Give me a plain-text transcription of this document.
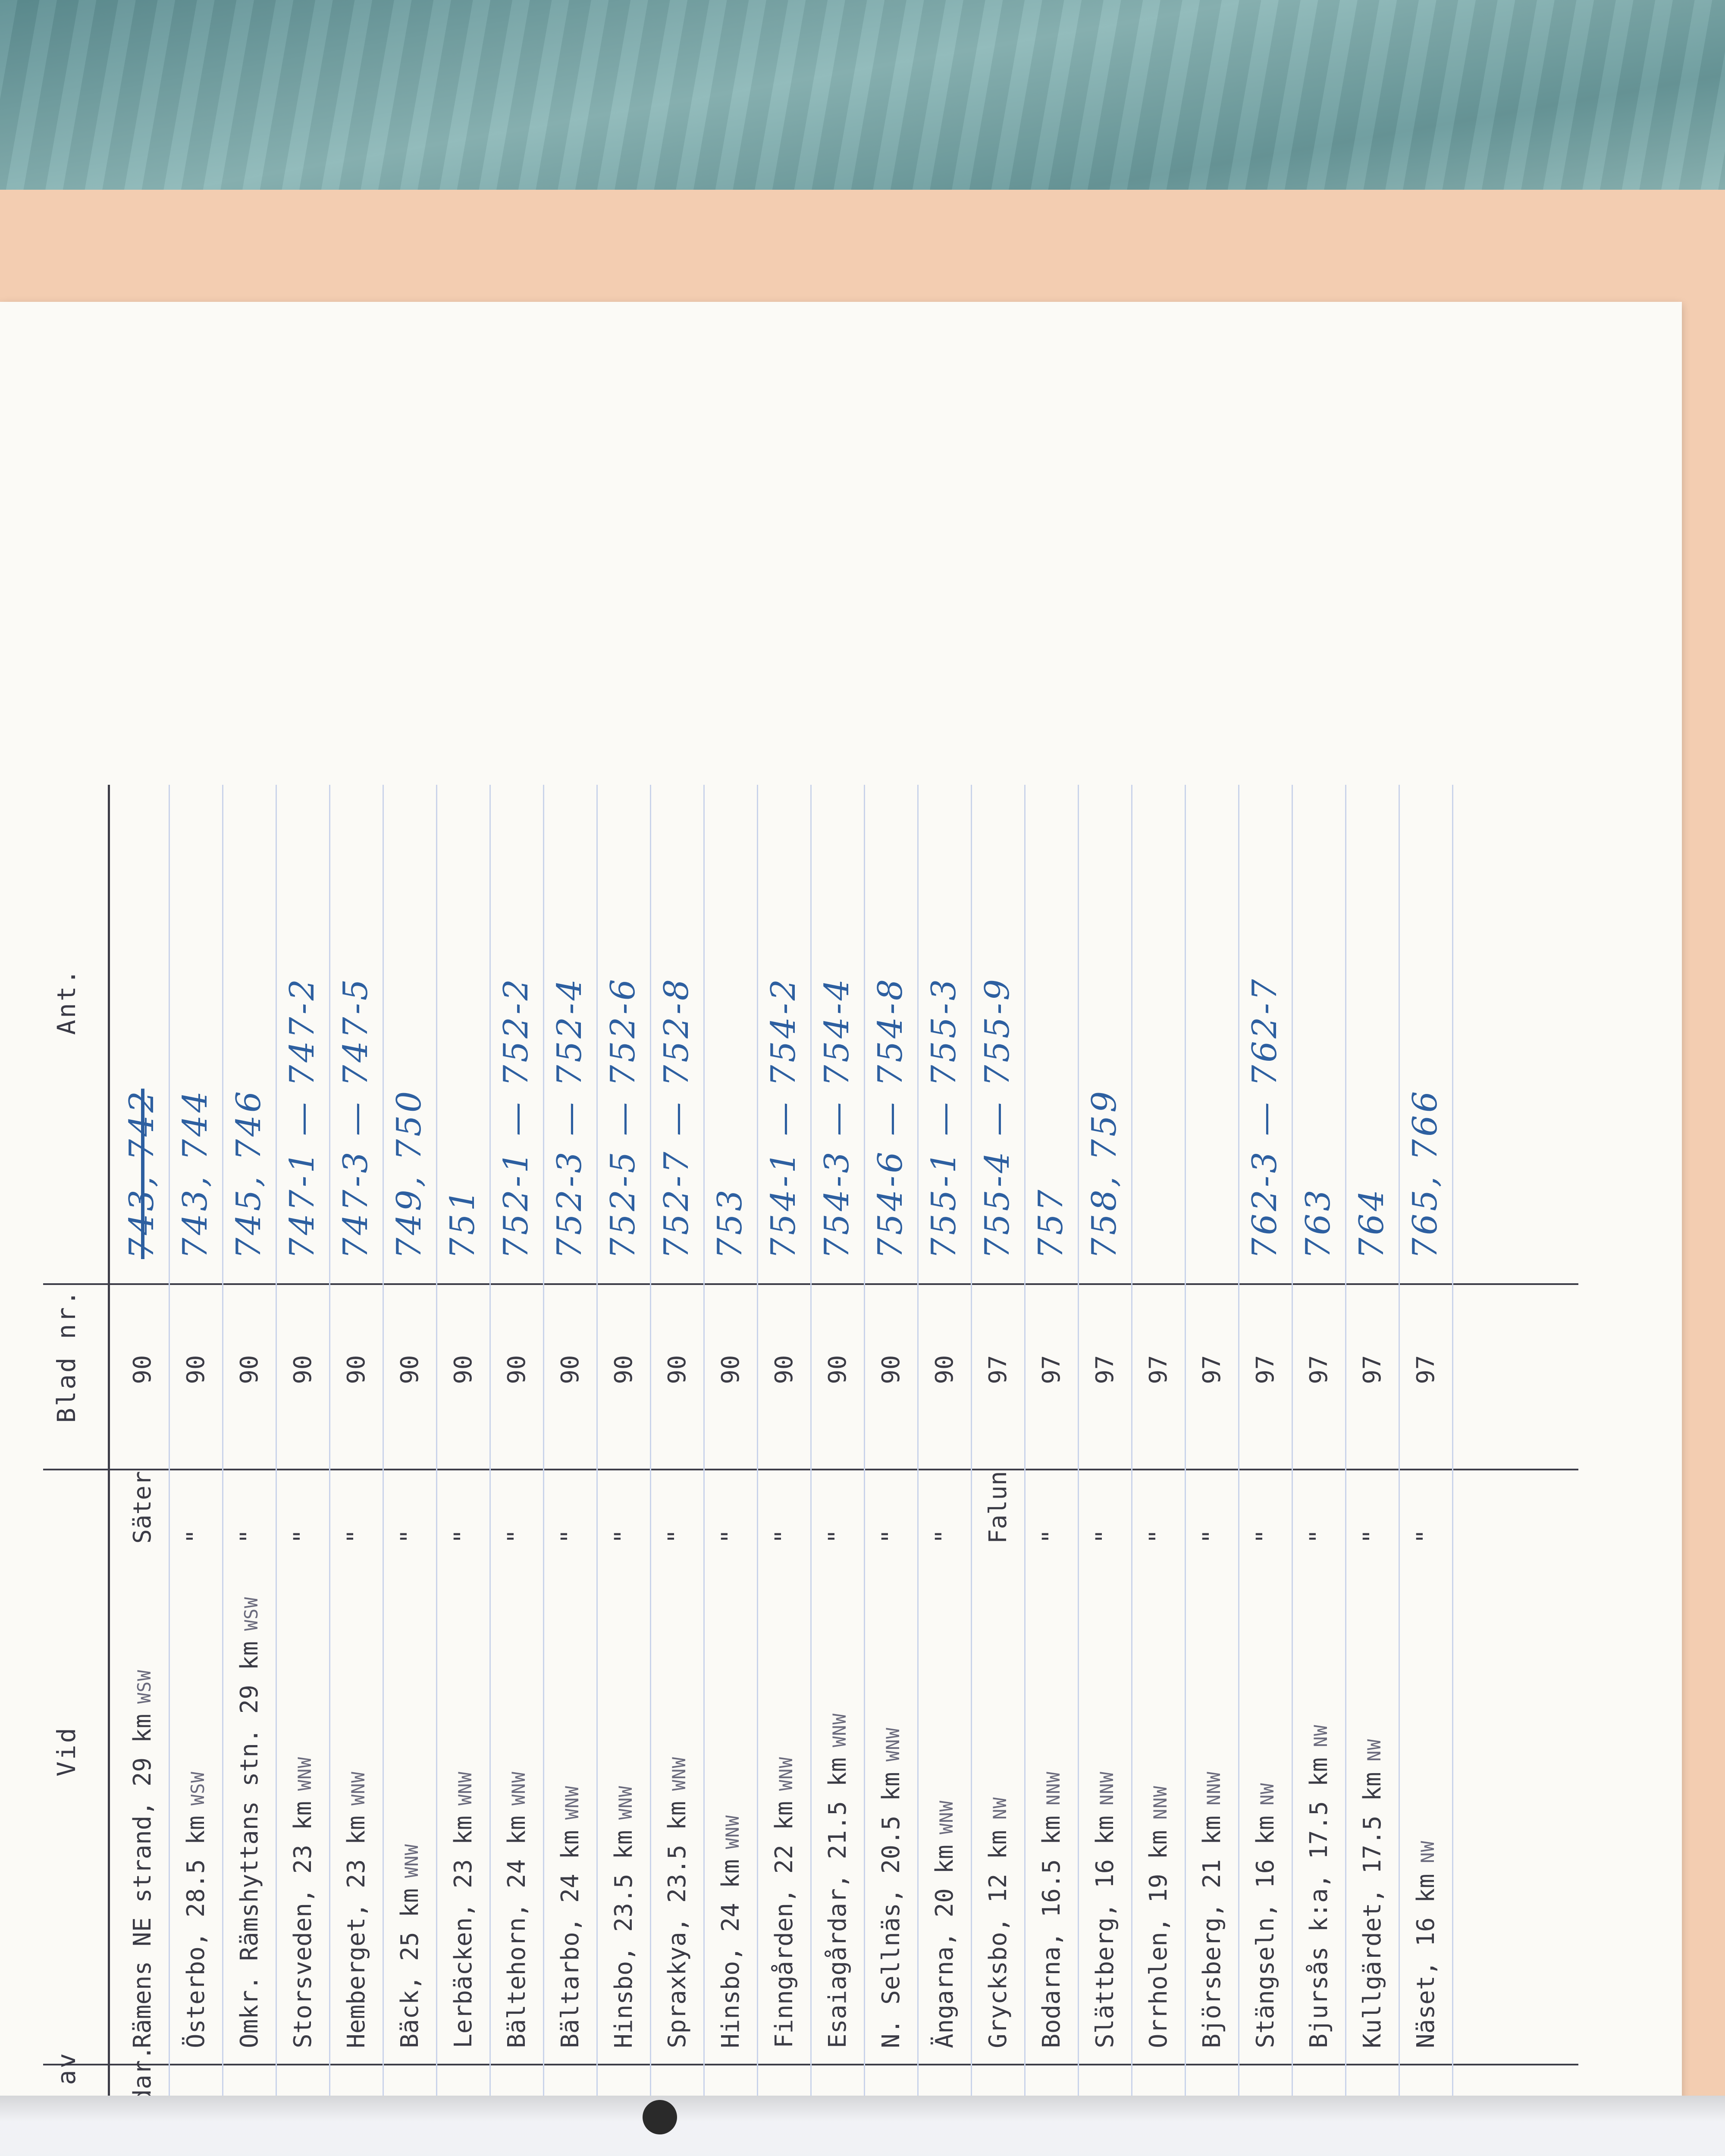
Vid
Blad nr.
Ant.
Rämens NE strand, 29 km
WSW
Säter
90
743, 742
Österbo, 28.5 km
WSW
"
90
743, 744
Omkr. Rämshyttans stn. 29 km
WSW
"
90
745, 746
Storsveden, 23 km
WNW
"
90
747-1 — 747-2
Hemberget, 23 km
WNW
"
90
747-3 — 747-5
Bäck, 25 km
WNW
"
90
749, 750
Lerbäcken, 23 km
WNW
"
90
751
Bältehorn, 24 km
WNW
"
90
752-1 — 752-2
Bältarbo, 24 km
WNW
"
90
752-3 — 752-4
Hinsbo, 23.5 km
WNW
"
90
752-5 — 752-6
Spraxkya, 23.5 km
WNW
"
90
752-7 — 752-8
Hinsbo, 24 km
WNW
"
90
753
Finngården, 22 km
WNW
"
90
754-1 — 754-2
Esaiagårdar, 21.5 km
WNW
"
90
754-3 — 754-4
N. Sellnäs, 20.5 km
WNW
"
90
754-6 — 754-8
Ängarna, 20 km
WNW
"
90
755-1 — 755-3
Grycksbo, 12 km
NW
Falun
97
755-4 — 755-9
Bodarna, 16.5 km
NNW
"
97
757
Slättberg, 16 km
NNW
"
97
758, 759
Orrholen, 19 km
NNW
"
97
Björsberg, 21 km
NNW
"
97
Stängseln, 16 km
NW
"
97
762-3 — 762-7
Bjursås k:a, 17.5 km
NW
"
97
763
Kullgärdet, 17.5 km
NW
"
97
764
Näset, 16 km
NW
"
97
765, 766
